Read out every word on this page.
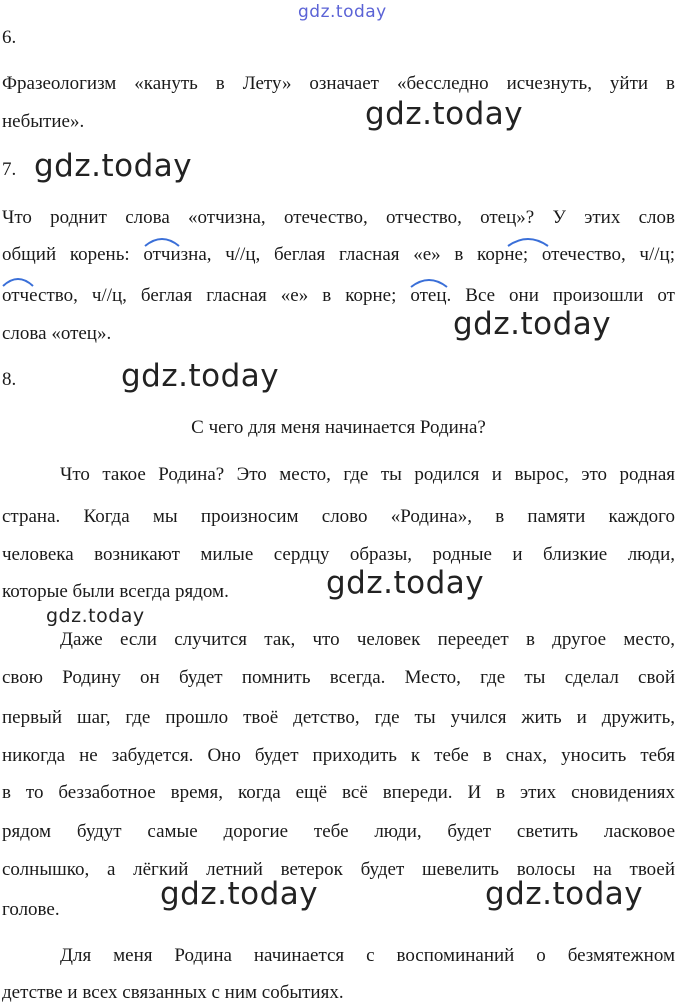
gdz.today
6.
Фразеологизм «кануть в Лету» означает «бесследно исчезнуть, уйти в
небытие».	gdz.today
7. gdz.today
Что роднит слова «отчизна, отечество, отчество, отец»? У этих слов
общий корень: отчизна, ч//ц, беглая гласная «е» в корне; отечество, ч//ц;
отчество, ч//ц, беглая гласная «е» в корне; отец. Все они произошли от
слова «отец».	gdz.today
8.	gdz.today
С чего для меня начинается Родина?
Что такое Родина? Это место, где ты родился и вырос, это родная
страна. Когда мы произносим слово «Родина», в памяти каждого
человека возникают милые сердцу образы, родные и близкие люди,
которые были всегда рядом.	gdz.today
gdz.today
Даже если случится так, что человек переедет в другое место,
свою Родину он будет помнить всегда. Место, где ты сделал свой
первый шаг, где прошло твоё детство, где ты учился жить и дружить,
никогда не забудется. Оно будет приходить к тебе в снах, уносить тебя
в то беззаботное время, когда ещё всё впереди. И в этих сновидениях
рядом будут самые дорогие тебе люди, будет светить ласковое
солнышко, а лёгкий летний ветерок будет шевелить волосы на твоей
голове.	gdz.today	gdz.today
Для меня Родина начинается с воспоминаний о безмятежном
детстве и всех связанных с ним событиях.
